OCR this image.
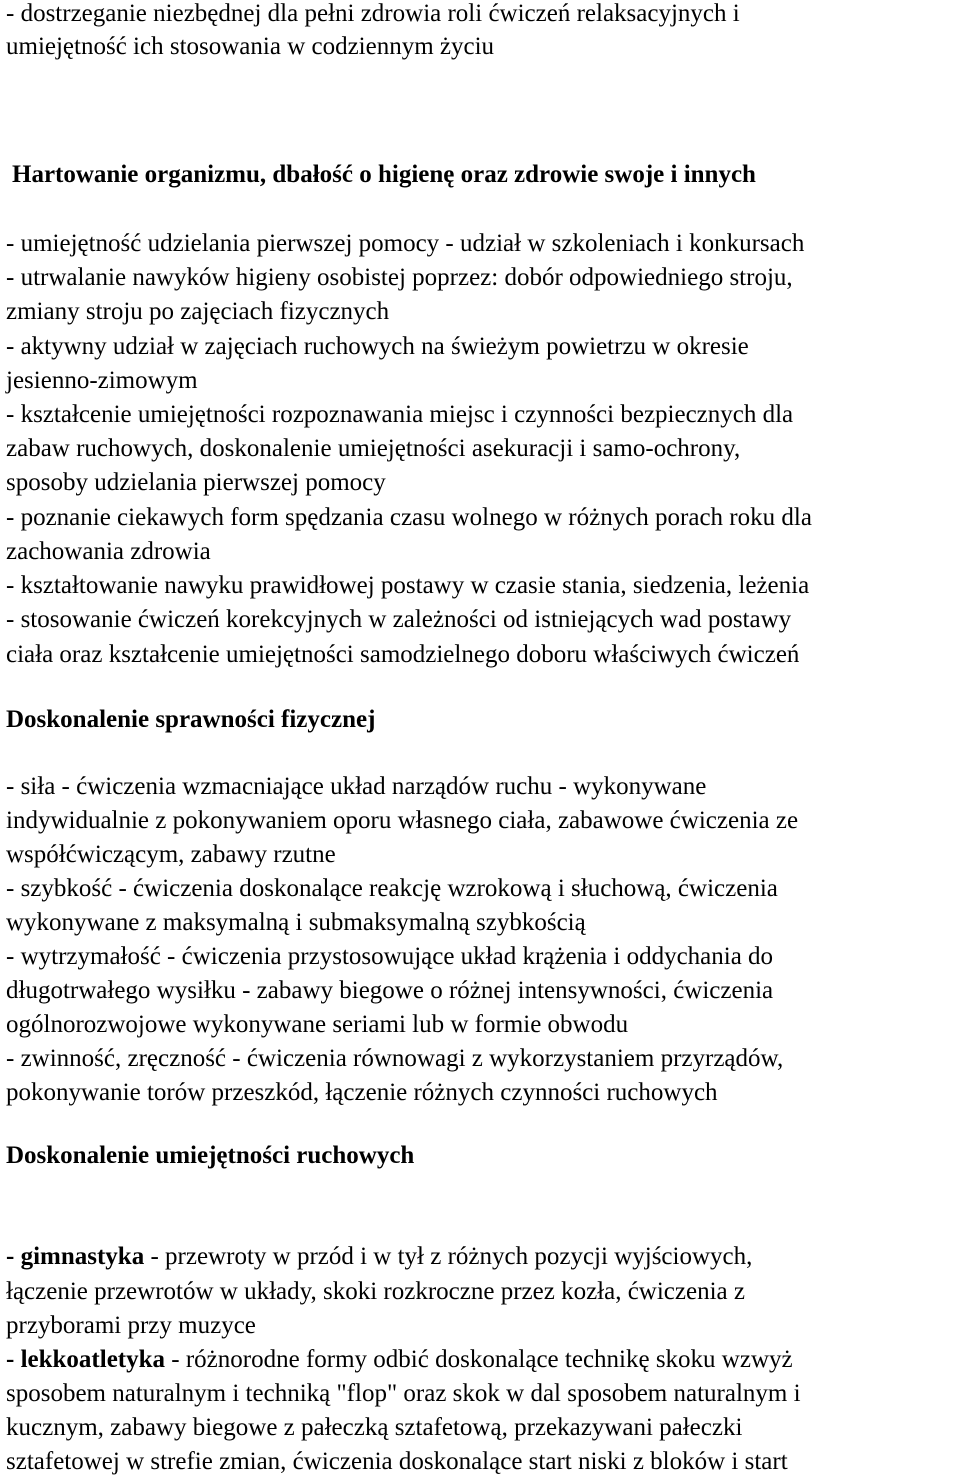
- dostrzeganie niezbędnej dla pełni zdrowia roli ćwiczeń relaksacyjnych i
umiejętność ich stosowania w codziennym życiu
Hartowanie organizmu, dbałość o higienę oraz zdrowie swoje i innych
- umiejętność udzielania pierwszej pomocy - udział w szkoleniach i konkursach
- utrwalanie nawyków higieny osobistej poprzez: dobór odpowiedniego stroju,
zmiany stroju po zajęciach fizycznych
- aktywny udział w zajęciach ruchowych na świeżym powietrzu w okresie
jesienno-zimowym
- kształcenie umiejętności rozpoznawania miejsc i czynności bezpiecznych dla
zabaw ruchowych, doskonalenie umiejętności asekuracji i samo-ochrony,
sposoby udzielania pierwszej pomocy
- poznanie ciekawych form spędzania czasu wolnego w różnych porach roku dla
zachowania zdrowia
- kształtowanie nawyku prawidłowej postawy w czasie stania, siedzenia, leżenia
- stosowanie ćwiczeń korekcyjnych w zależności od istniejących wad postawy
ciała oraz kształcenie umiejętności samodzielnego doboru właściwych ćwiczeń
Doskonalenie sprawności fizycznej
- siła - ćwiczenia wzmacniające układ narządów ruchu - wykonywane
indywidualnie z pokonywaniem oporu własnego ciała, zabawowe ćwiczenia ze
współćwiczącym, zabawy rzutne
- szybkość - ćwiczenia doskonalące reakcję wzrokową i słuchową, ćwiczenia
wykonywane z maksymalną i submaksymalną szybkością
- wytrzymałość - ćwiczenia przystosowujące układ krążenia i oddychania do
długotrwałego wysiłku - zabawy biegowe o różnej intensywności, ćwiczenia
ogólnorozwojowe wykonywane seriami lub w formie obwodu
- zwinność, zręczność - ćwiczenia równowagi z wykorzystaniem przyrządów,
pokonywanie torów przeszkód, łączenie różnych czynności ruchowych
Doskonalenie umiejętności ruchowych
- gimnastyka - przewroty w przód i w tył z różnych pozycji wyjściowych,
łączenie przewrotów w układy, skoki rozkroczne przez kozła, ćwiczenia z
przyborami przy muzyce
- lekkoatletyka - różnorodne formy odbić doskonalące technikę skoku wzwyż
sposobem naturalnym i techniką "flop" oraz skok w dal sposobem naturalnym i
kucznym, zabawy biegowe z pałeczką sztafetową, przekazywani pałeczki
sztafetowej w strefie zmian, ćwiczenia doskonalące start niski z bloków i start
